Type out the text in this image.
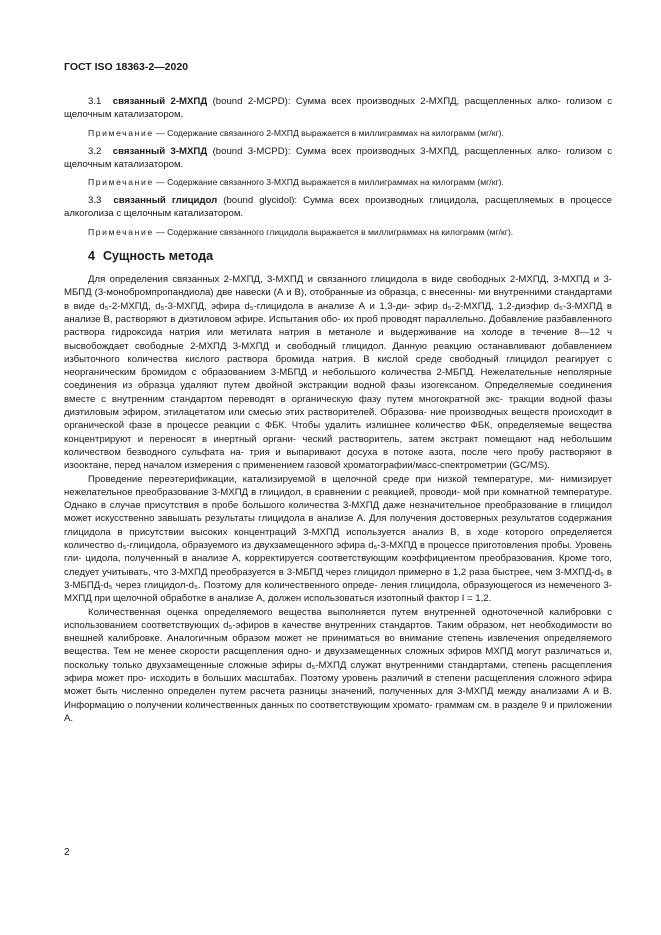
ГОСТ ISO 18363-2—2020

3.1 связанный 2-МХПД (bound 2-MCPD): Сумма всех производных 2-МХПД, расщепленных алко- голизом с щелочным катализатором.

Примечание — Содержание связанного 2-МХПД выражается в миллиграммах на килограмм (мг/кг).

3.2 связанный 3-МХПД (bound 3-MCPD): Сумма всех производных 3-МХПД, расщепленных алко- голизом с щелочным катализатором.

Примечание — Содержание связанного 3-МХПД выражается в миллиграммах на килограмм (мг/кг).

3.3 связанный глицидол (bound glycidol): Сумма всех производных глицидола, расщепляемых в процессе алкоголиза с щелочным катализатором.

Примечание — Содержание связанного глицидола выражается в миллиграммах на килограмм (мг/кг).

4 Сущность метода

Для определения связанных 2-МХПД, 3-МХПД и связанного глицидола в виде свободных 2-МХПД, 3-МХПД и 3-МБПД (3-монобромпропандиола) две навески (А и В), отобранные из образца, с внесенны- ми внутренними стандартами в виде d₅-2-МХПД, d₅-3-МХПД, эфира d₅-глицидола в анализе А и 1,3-ди- эфир d₅-2-МХПД, 1,2-диэфир d₅-3-МХПД в анализе В, растворяют в диэтиловом эфире. Испытания обо- их проб проводят параллельно. Добавление разбавленного раствора гидроксида натрия или метилата натрия в метаноле и выдерживание на холоде в течение 8—12 ч высвобождает свободные 2-МХПД 3-МХПД и свободный глицидол. Данную реакцию останавливают добавлением избыточного количества кислого раствора бромида натрия. В кислой среде свободный глицидол реагирует с неорганическим бромидом с образованием 3-МБПД и небольшого количества 2-МБПД. Нежелательные неполярные соединения из образца удаляют путем двойной экстракции водной фазы изогексаном. Определяемые соединения вместе с внутренним стандартом переводят в органическую фазу путем многократной экс- тракции водной фазы диэтиловым эфиром, этилацетатом или смесью этих растворителей. Образова- ние производных веществ происходит в органической фазе в процессе реакции с ФБК. Чтобы удалить излишнее количество ФБК, определяемые вещества концентрируют и переносят в инертный органи- ческий растворитель, затем экстракт помещают над небольшим количеством безводного сульфата на- трия и выпаривают досуха в потоке азота, после чего пробу растворяют в изооктане, перед началом измерения с применением газовой хроматографии/масс-спектрометрии (GC/MS).

Проведение переэтерификации, катализируемой в щелочной среде при низкой температуре, ми- нимизирует нежелательное преобразование 3-МХПД в глицидол, в сравнении с реакцией, проводи- мой при комнатной температуре. Однако в случае присутствия в пробе большого количества 3-МХПД даже незначительное преобразование в глицидол может искусственно завышать результаты глицидола в анализе А. Для получения достоверных результатов содержания глицидола в присутствии высоких концентраций 3-МХПД используется анализ В, в ходе которого определяется количество d₅-глицидола, образуемого из двухзамещенного эфира d₅-3-МХПД в процессе приготовления пробы. Уровень гли- цидола, полученный в анализе А, корректируется соответствующим коэффициентом преобразования. Кроме того, следует учитывать, что 3-МХПД преобразуется в 3-МБПД через глицидол примерно в 1,2 раза быстрее, чем 3-МХПД-d₅ в 3-МБПД-d₅ через глицидол-d₅. Поэтому для количественного опреде- ления глицидола, образующегося из немеченого 3-МХПД при щелочной обработке в анализе А, должен использоваться изотопный фактор I = 1,2.

Количественная оценка определяемого вещества выполняется путем внутренней одноточечной калибровки с использованием соответствующих d₅-эфиров в качестве внутренних стандартов. Таким образом, нет необходимости во внешней калибровке. Аналогичным образом может не приниматься во внимание степень извлечения определяемого вещества. Тем не менее скорости расщепления одно- и двухзамещенных сложных эфиров МХПД могут различаться и, поскольку только двухзамещенные сложные эфиры d₅-МХПД служат внутренними стандартами, степень расщепления эфира может про- исходить в больших масштабах. Поэтому уровень различий в степени расщепления сложного эфира может быть численно определен путем расчета разницы значений, полученных для 3-МХПД между анализами А и В. Информацию о получении количественных данных по соответствующим хромато- граммам см. в разделе 9 и приложении А.

2
